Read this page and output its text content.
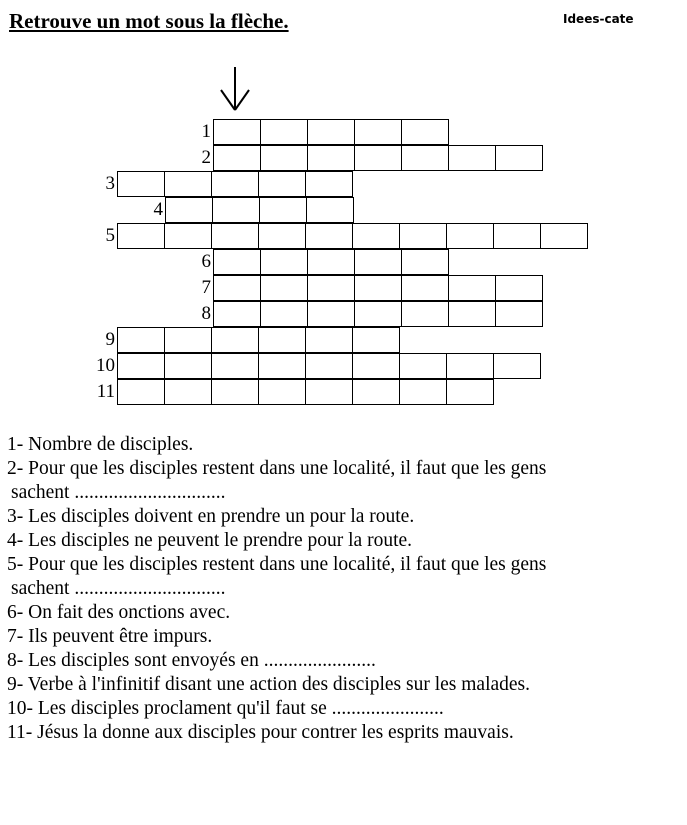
Retrouve un mot sous la flèche.	Idees-cate
1
2
3
4
5
6
7
8
9
10
11
1- Nombre de disciples.
2- Pour que les disciples restent dans une localité, il faut que les gens
sachent ...............................
3- Les disciples doivent en prendre un pour la route.
4- Les disciples ne peuvent le prendre pour la route.
5- Pour que les disciples restent dans une localité, il faut que les gens
sachent ...............................
6- On fait des onctions avec.
7- Ils peuvent être impurs.
8- Les disciples sont envoyés en .......................
9- Verbe à l'infinitif disant une action des disciples sur les malades.
10- Les disciples proclament qu'il faut se .......................
11- Jésus la donne aux disciples pour contrer les esprits mauvais.
